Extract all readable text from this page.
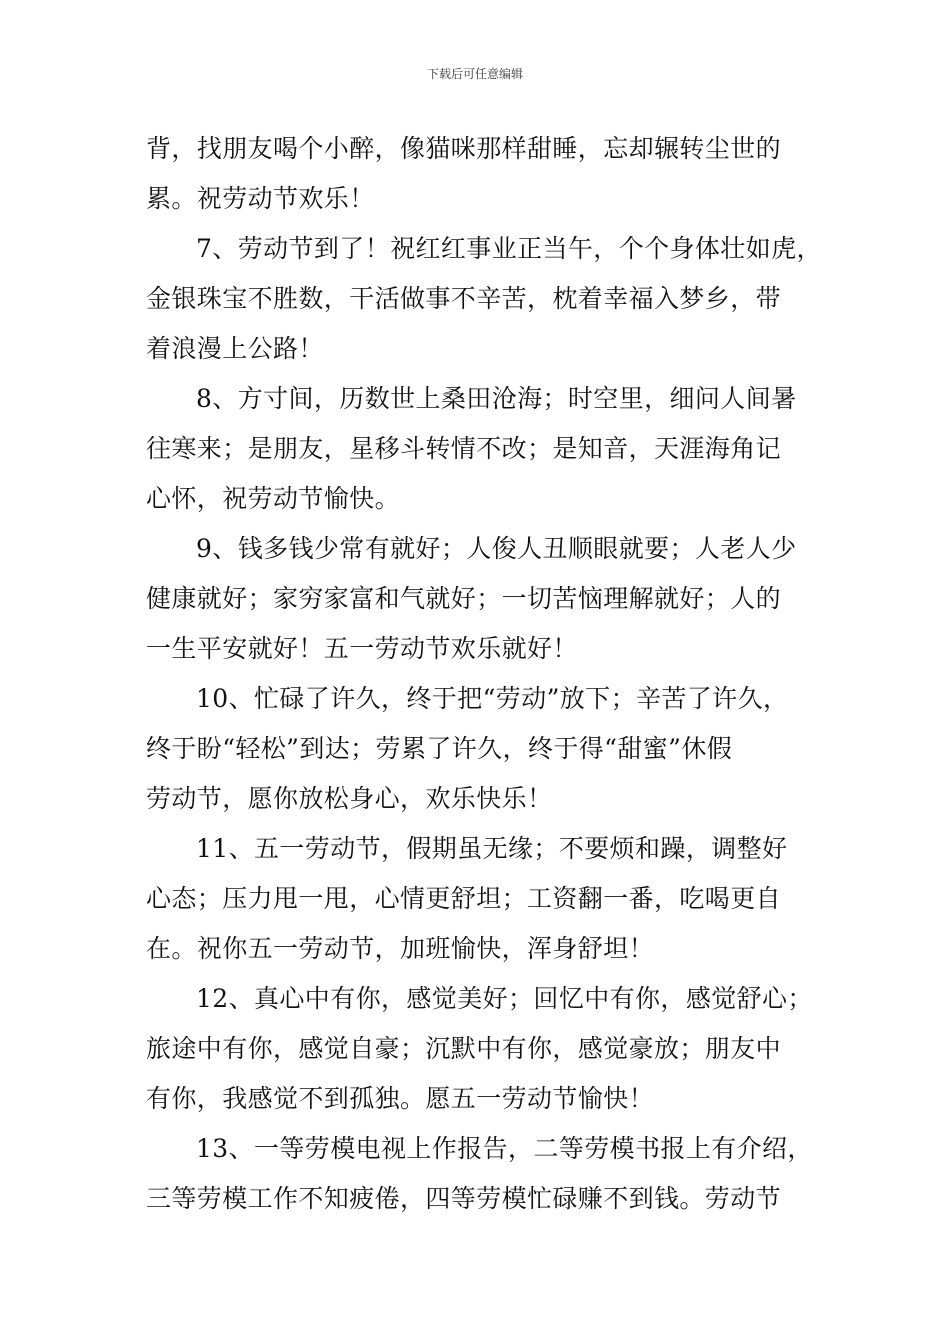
下载后可任意编辑
背，找朋友喝个小醉，像猫咪那样甜睡，忘却辗转尘世的
累。祝劳动节欢乐！
7、劳动节到了！祝红红事业正当午，个个身体壮如虎，
金银珠宝不胜数，干活做事不辛苦，枕着幸福入梦乡，带
着浪漫上公路！
8、方寸间，历数世上桑田沧海；时空里，细问人间暑
往寒来；是朋友，星移斗转情不改；是知音，天涯海角记
心怀，祝劳动节愉快。
9、钱多钱少常有就好；人俊人丑顺眼就要；人老人少
健康就好；家穷家富和气就好；一切苦恼理解就好；人的
一生平安就好！五一劳动节欢乐就好！
10、忙碌了许久，终于把“劳动”放下；辛苦了许久，
终于盼“轻松”到达；劳累了许久，终于得“甜蜜”休假
劳动节，愿你放松身心，欢乐快乐！
11、五一劳动节，假期虽无缘；不要烦和躁，调整好
心态；压力甩一甩，心情更舒坦；工资翻一番，吃喝更自
在。祝你五一劳动节，加班愉快，浑身舒坦！
12、真心中有你，感觉美好；回忆中有你，感觉舒心；
旅途中有你，感觉自豪；沉默中有你，感觉豪放；朋友中
有你，我感觉不到孤独。愿五一劳动节愉快！
13、一等劳模电视上作报告，二等劳模书报上有介绍，
三等劳模工作不知疲倦，四等劳模忙碌赚不到钱。劳动节
